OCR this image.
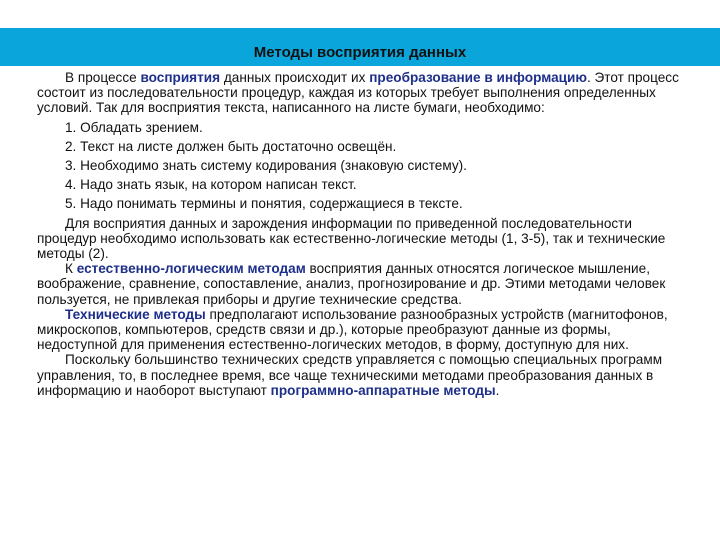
Методы восприятия данных

В процессе восприятия данных происходит их преобразование в информацию. Этот процесс состоит из последовательности процедур, каждая из которых требует выполнения определенных условий. Так для восприятия текста, написанного на листе бумаги, необходимо:

1. Обладать зрением.

2. Текст на листе должен быть достаточно освещён.

3. Необходимо знать систему кодирования (знаковую систему).

4. Надо знать язык, на котором написан текст.

5. Надо понимать термины и понятия, содержащиеся в тексте.

Для восприятия данных и зарождения информации по приведенной последовательности процедур необходимо использовать как естественно-логические методы (1, 3-5), так и технические методы (2).

К естественно-логическим методам восприятия данных относятся логическое мышление, воображение, сравнение, сопоставление, анализ, прогнозирование и др. Этими методами человек пользуется, не привлекая приборы и другие технические средства.

Технические методы предполагают использование разнообразных устройств (магнитофонов, микроскопов, компьютеров, средств связи и др.), которые преобразуют данные из формы, недоступной для применения естественно-логических методов, в форму, доступную для них.

Поскольку большинство технических средств управляется с помощью специальных программ управления, то, в последнее время, все чаще техническими методами преобразования данных в информацию и наоборот выступают программно-аппаратные методы.
